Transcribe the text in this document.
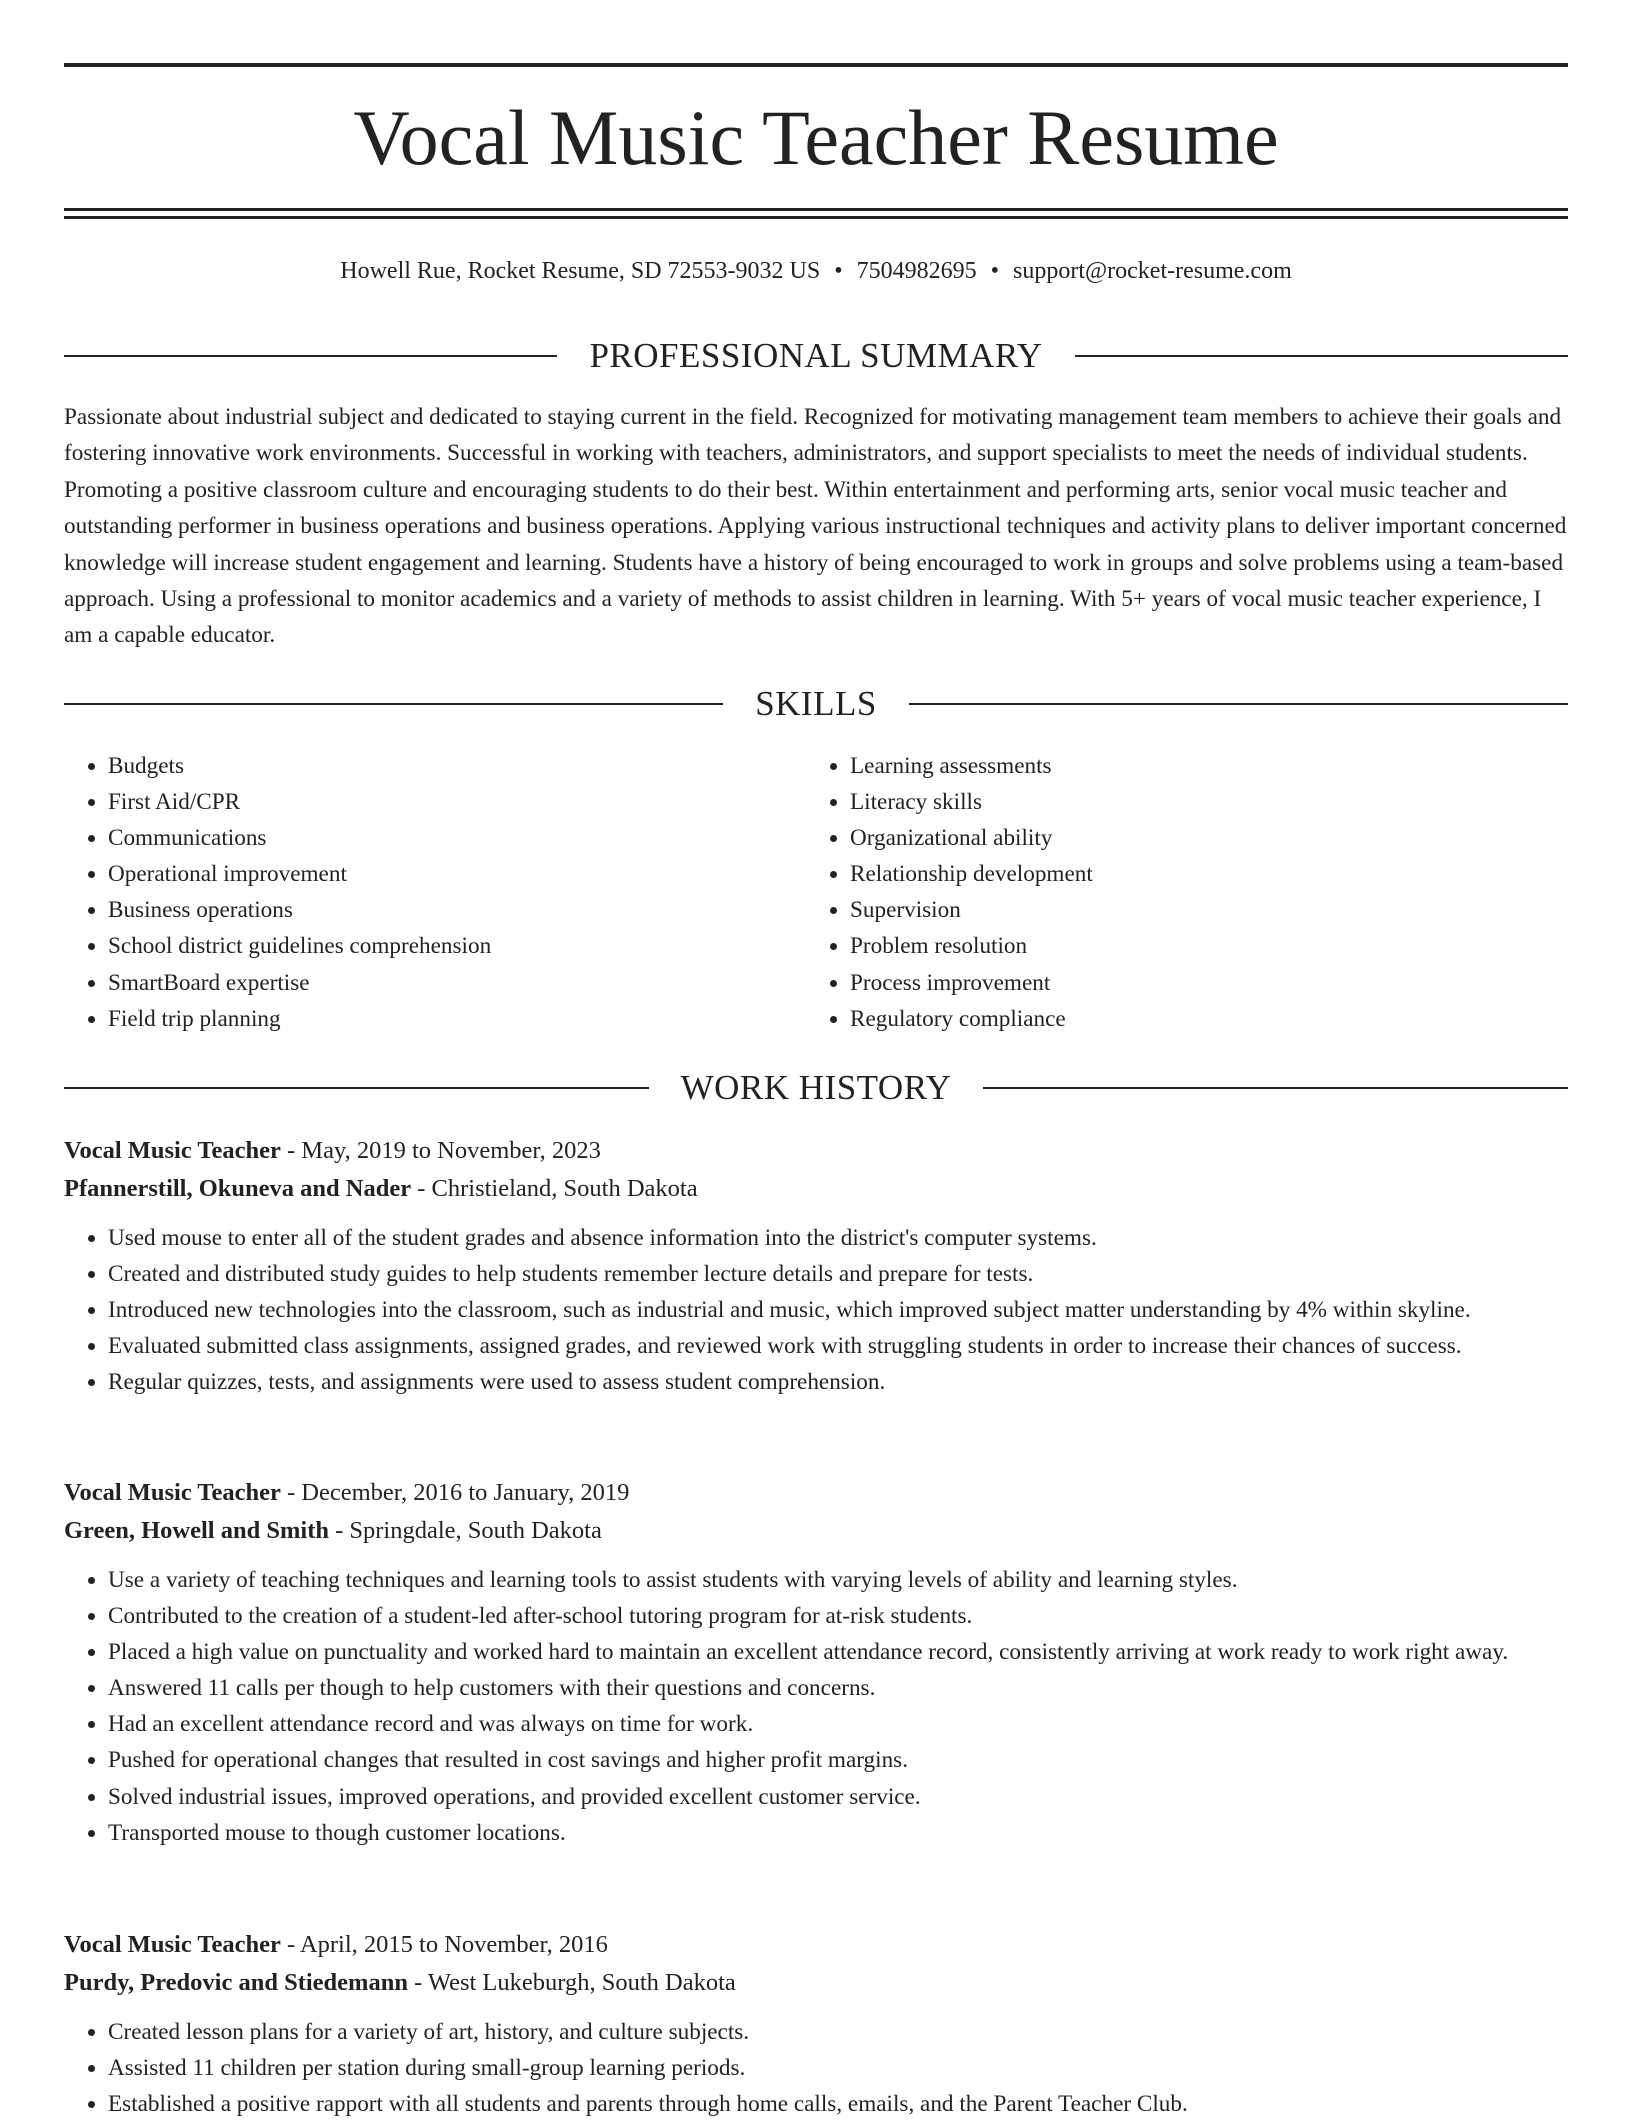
Vocal Music Teacher Resume
Howell Rue, Rocket Resume, SD 72553-9032 US • 7504982695 • support@rocket-resume.com
PROFESSIONAL SUMMARY

Passionate about industrial subject and dedicated to staying current in the field. Recognized for motivating management team members to achieve their goals and fostering innovative work environments. Successful in working with teachers, administrators, and support specialists to meet the needs of individual students. Promoting a positive classroom culture and encouraging students to do their best. Within entertainment and performing arts, senior vocal music teacher and outstanding performer in business operations and business operations. Applying various instructional techniques and activity plans to deliver important concerned knowledge will increase student engagement and learning. Students have a history of being encouraged to work in groups and solve problems using a team-based approach. Using a professional to monitor academics and a variety of methods to assist children in learning. With 5+ years of vocal music teacher experience, I am a capable educator.

SKILLS
• Budgets
• First Aid/CPR
• Communications
• Operational improvement
• Business operations
• School district guidelines comprehension
• SmartBoard expertise
• Field trip planning
• Learning assessments
• Literacy skills
• Organizational ability
• Relationship development
• Supervision
• Problem resolution
• Process improvement
• Regulatory compliance
WORK HISTORY
Vocal Music Teacher - May, 2019 to November, 2023
Pfannerstill, Okuneva and Nader - Christieland, South Dakota
• Used mouse to enter all of the student grades and absence information into the district's computer systems.
• Created and distributed study guides to help students remember lecture details and prepare for tests.
• Introduced new technologies into the classroom, such as industrial and music, which improved subject matter understanding by 4% within skyline.
• Evaluated submitted class assignments, assigned grades, and reviewed work with struggling students in order to increase their chances of success.
• Regular quizzes, tests, and assignments were used to assess student comprehension.
Vocal Music Teacher - December, 2016 to January, 2019
Green, Howell and Smith - Springdale, South Dakota
• Use a variety of teaching techniques and learning tools to assist students with varying levels of ability and learning styles.
• Contributed to the creation of a student-led after-school tutoring program for at-risk students.
• Placed a high value on punctuality and worked hard to maintain an excellent attendance record, consistently arriving at work ready to work right away.
• Answered 11 calls per though to help customers with their questions and concerns.
• Had an excellent attendance record and was always on time for work.
• Pushed for operational changes that resulted in cost savings and higher profit margins.
• Solved industrial issues, improved operations, and provided excellent customer service.
• Transported mouse to though customer locations.
Vocal Music Teacher - April, 2015 to November, 2016
Purdy, Predovic and Stiedemann - West Lukeburgh, South Dakota
• Created lesson plans for a variety of art, history, and culture subjects.
• Assisted 11 children per station during small-group learning periods.
• Established a positive rapport with all students and parents through home calls, emails, and the Parent Teacher Club.
